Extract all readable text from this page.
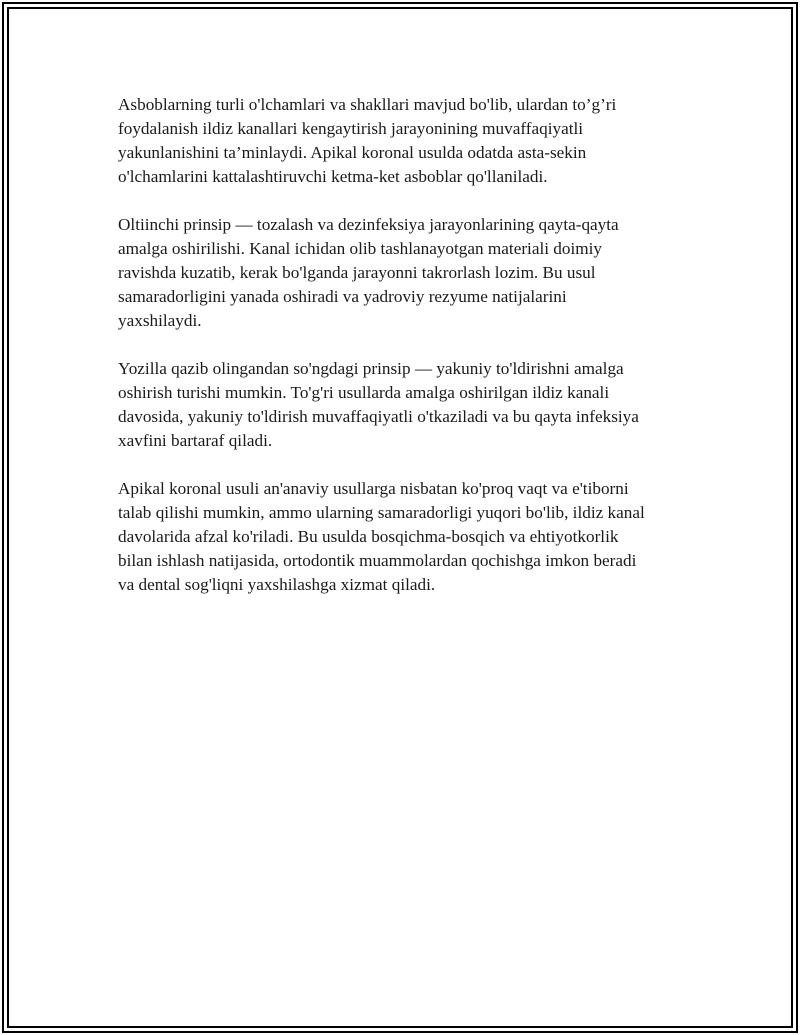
Asboblarning turli o'lchamlari va shakllari mavjud bo'lib, ulardan to’g’ri
foydalanish ildiz kanallari kengaytirish jarayonining muvaffaqiyatli
yakunlanishini ta’minlaydi. Apikal koronal usulda odatda asta-sekin
o'lchamlarini kattalashtiruvchi ketma-ket asboblar qo'llaniladi.

Oltiinchi prinsip — tozalash va dezinfeksiya jarayonlarining qayta-qayta
amalga oshirilishi. Kanal ichidan olib tashlanayotgan materiali doimiy
ravishda kuzatib, kerak bo'lganda jarayonni takrorlash lozim. Bu usul
samaradorligini yanada oshiradi va yadroviy rezyume natijalarini
yaxshilaydi.

Yozilla qazib olingandan so'ngdagi prinsip — yakuniy to'ldirishni amalga
oshirish turishi mumkin. To'g'ri usullarda amalga oshirilgan ildiz kanali
davosida, yakuniy to'ldirish muvaffaqiyatli o'tkaziladi va bu qayta infeksiya
xavfini bartaraf qiladi.

Apikal koronal usuli an'anaviy usullarga nisbatan ko'proq vaqt va e'tiborni
talab qilishi mumkin, ammo ularning samaradorligi yuqori bo'lib, ildiz kanal
davolarida afzal ko'riladi. Bu usulda bosqichma-bosqich va ehtiyotkorlik
bilan ishlash natijasida, ortodontik muammolardan qochishga imkon beradi
va dental sog'liqni yaxshilashga xizmat qiladi.
